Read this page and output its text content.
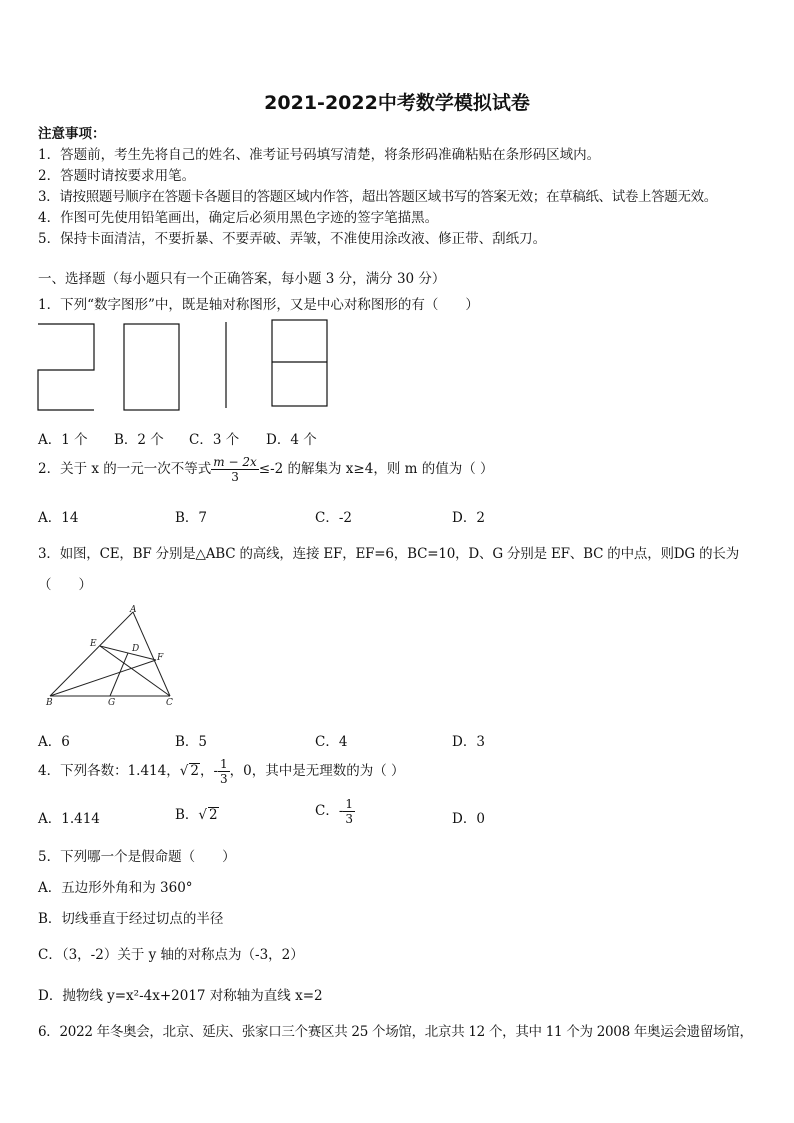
2021-2022中考数学模拟试卷
注意事项：
1．答题前，考生先将自己的姓名、准考证号码填写清楚，将条形码准确粘贴在条形码区域内。
2．答题时请按要求用笔。
3．请按照题号顺序在答题卡各题目的答题区域内作答，超出答题区域书写的答案无效；在草稿纸、试卷上答题无效。
4．作图可先使用铅笔画出，确定后必须用黑色字迹的签字笔描黑。
5．保持卡面清洁，不要折暴、不要弄破、弄皱，不准使用涂改液、修正带、刮纸刀。
一、选择题（每小题只有一个正确答案，每小题 3 分，满分 30 分）
1．下列“数字图形”中，既是轴对称图形，又是中心对称图形的有（　　）
A．1 个 B．2 个 C．3 个 D．4 个
2．关于 x 的一元一次不等式 $\frac{m - 2x}{3} \le-2$ 的解集为 x≥4，则 m 的值为（ ）
A．14	B．7	C．-2	D．2
3．如图，CE，BF 分别是△ABC 的高线，连接 EF，EF=6，BC=10，D、G 分别是 EF、BC 的中点，则DG 的长为
（　　）
A
E	D
F
B	G	C
A．6	B．5	C．4	D．3
4．下列各数：1.414，√ 2，- $\frac{1}{3}$ ，0，其中是无理数的为（ ）
A．1.414	B．√ 2	C．- $\frac{1}{3}$	D．0
5．下列哪一个是假命题（　　）
A．五边形外角和为 360°
B．切线垂直于经过切点的半径
C．（3，-2）关于 y 轴的对称点为（-3，2）
D．抛物线 y=x²-4x+2017 对称轴为直线 x=2
6．2022 年冬奥会，北京、延庆、张家口三个赛区共 25 个场馆，北京共 12 个，其中 11 个为 2008 年奥运会遗留场馆，
